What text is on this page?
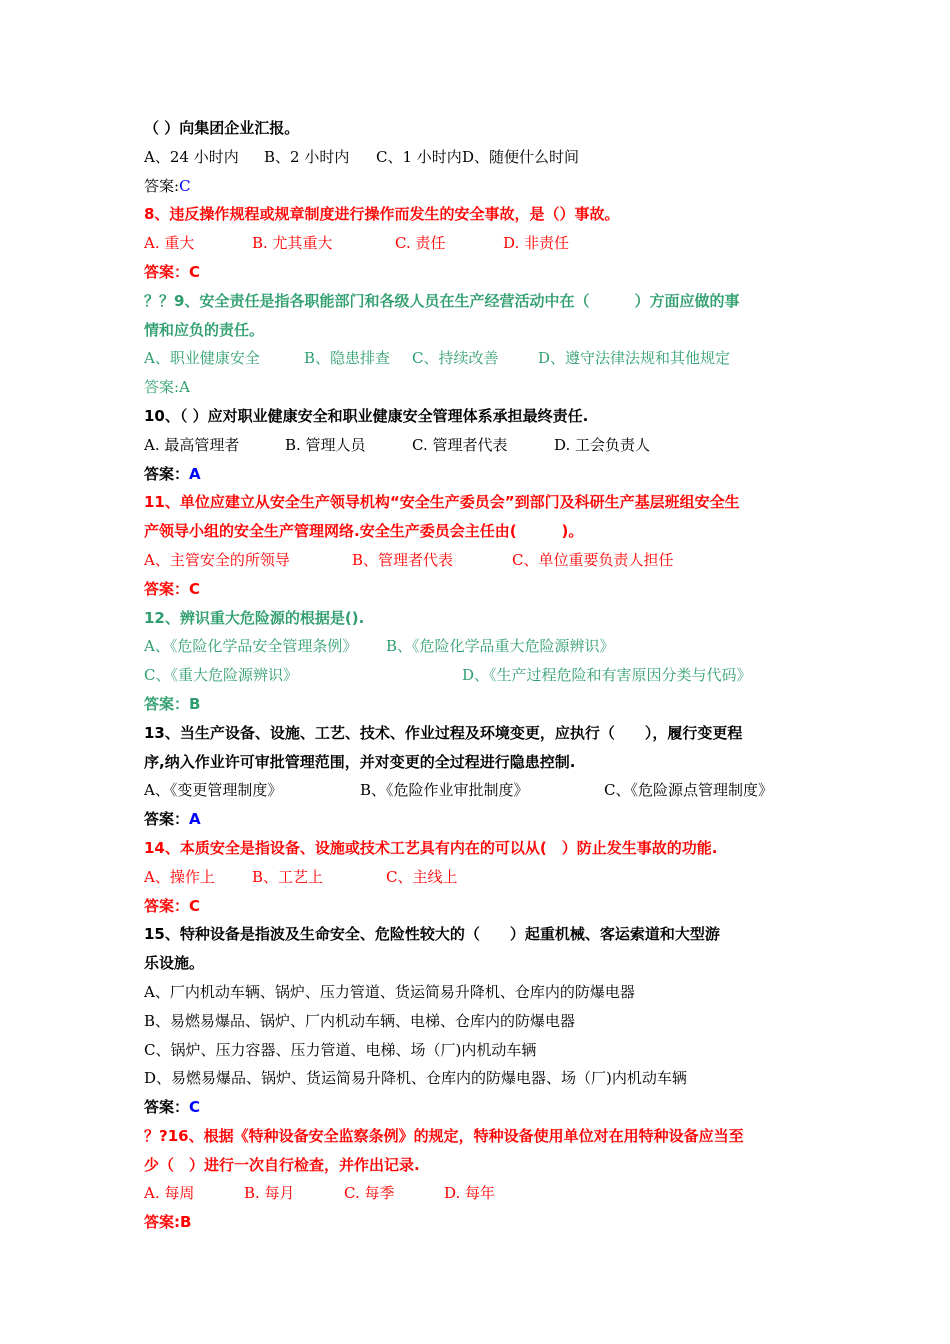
（ ）向集团企业汇报。
A、24 小时内	B、2 小时内	C、1 小时内 D、随便什么时间
答案:C
8、违反操作规程或规章制度进行操作而发生的安全事故，是（）事故。
A. 重大	B. 尤其重大	C. 责任	D. 非责任
答案：C
？？9、安全责任是指各职能部门和各级人员在生产经营活动中在（　　　）方面应做的事
情和应负的责任。
A、职业健康安全	B、隐患排查	C、持续改善	D、遵守法律法规和其他规定
答案:A
10、（ ）应对职业健康安全和职业健康安全管理体系承担最终责任.
A. 最高管理者	B. 管理人员	C. 管理者代表	D. 工会负责人
答案：A
11、单位应建立从安全生产领导机构“安全生产委员会”到部门及科研生产基层班组安全生
产领导小组的安全生产管理网络.安全生产委员会主任由(　　　)。
A、主管安全的所领导	B、管理者代表	C、单位重要负责人担任
答案：C
12、辨识重大危险源的根据是().
A、《危险化学品安全管理条例》	B、《危险化学品重大危险源辨识》
C、《重大危险源辨识》	D、《生产过程危险和有害原因分类与代码》
答案：B
13、当生产设备、设施、工艺、技术、作业过程及环境变更，应执行（　　），履行变更程
序,纳入作业许可审批管理范围，并对变更的全过程进行隐患控制.
A、《变更管理制度》	B、《危险作业审批制度》	C、《危险源点管理制度》
答案：A
14、本质安全是指设备、设施或技术工艺具有内在的可以从(　）防止发生事故的功能.
A、操作上	B、工艺上	C、主线上
答案：C
15、特种设备是指波及生命安全、危险性较大的（　　）起重机械、客运索道和大型游
乐设施。
A、厂内机动车辆、锅炉、压力管道、货运简易升降机、仓库内的防爆电器
B、易燃易爆品、锅炉、厂内机动车辆、电梯、仓库内的防爆电器
C、锅炉、压力容器、压力管道、电梯、场（厂)内机动车辆
D、易燃易爆品、锅炉、货运简易升降机、仓库内的防爆电器、场（厂)内机动车辆
答案：C
？?16、根据《特种设备安全监察条例》的规定，特种设备使用单位对在用特种设备应当至
少（　）进行一次自行检查，并作出记录.
A. 每周	B. 每月	C. 每季	D. 每年
答案:B
